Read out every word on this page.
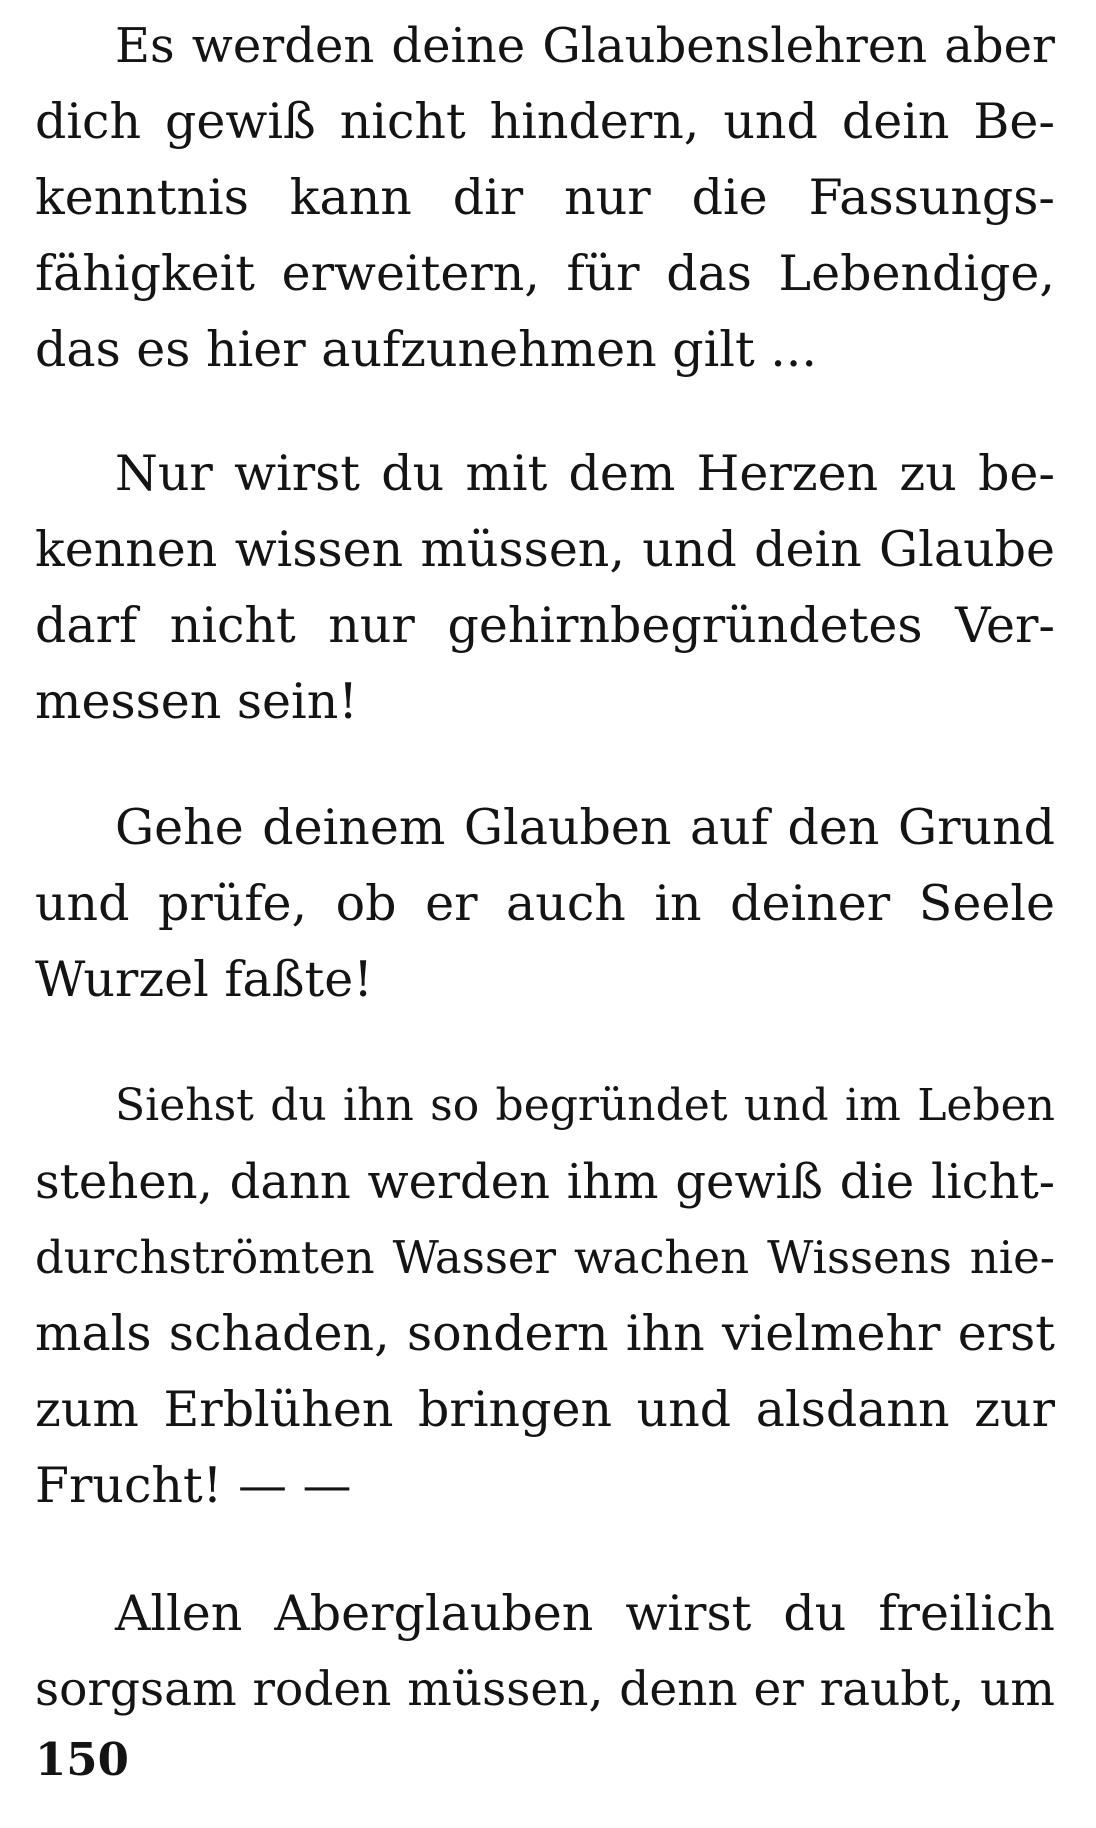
Es werden deine Glaubenslehren aber
dich gewiß nicht hindern, und dein Be-
kenntnis kann dir nur die Fassungs-
fähigkeit erweitern, für das Lebendige,
das es hier aufzunehmen gilt ...
Nur wirst du mit dem Herzen zu be-
kennen wissen müssen, und dein Glaube
darf nicht nur gehirnbegründetes Ver-
messen sein!
Gehe deinem Glauben auf den Grund
und prüfe, ob er auch in deiner Seele
Wurzel faßte!
Siehst du ihn so begründet und im Leben
stehen, dann werden ihm gewiß die licht-
durchströmten Wasser wachen Wissens nie-
mals schaden, sondern ihn vielmehr erst
zum Erblühen bringen und alsdann zur
Frucht! — —
Allen Aberglauben wirst du freilich
sorgsam roden müssen, denn er raubt, um
150
